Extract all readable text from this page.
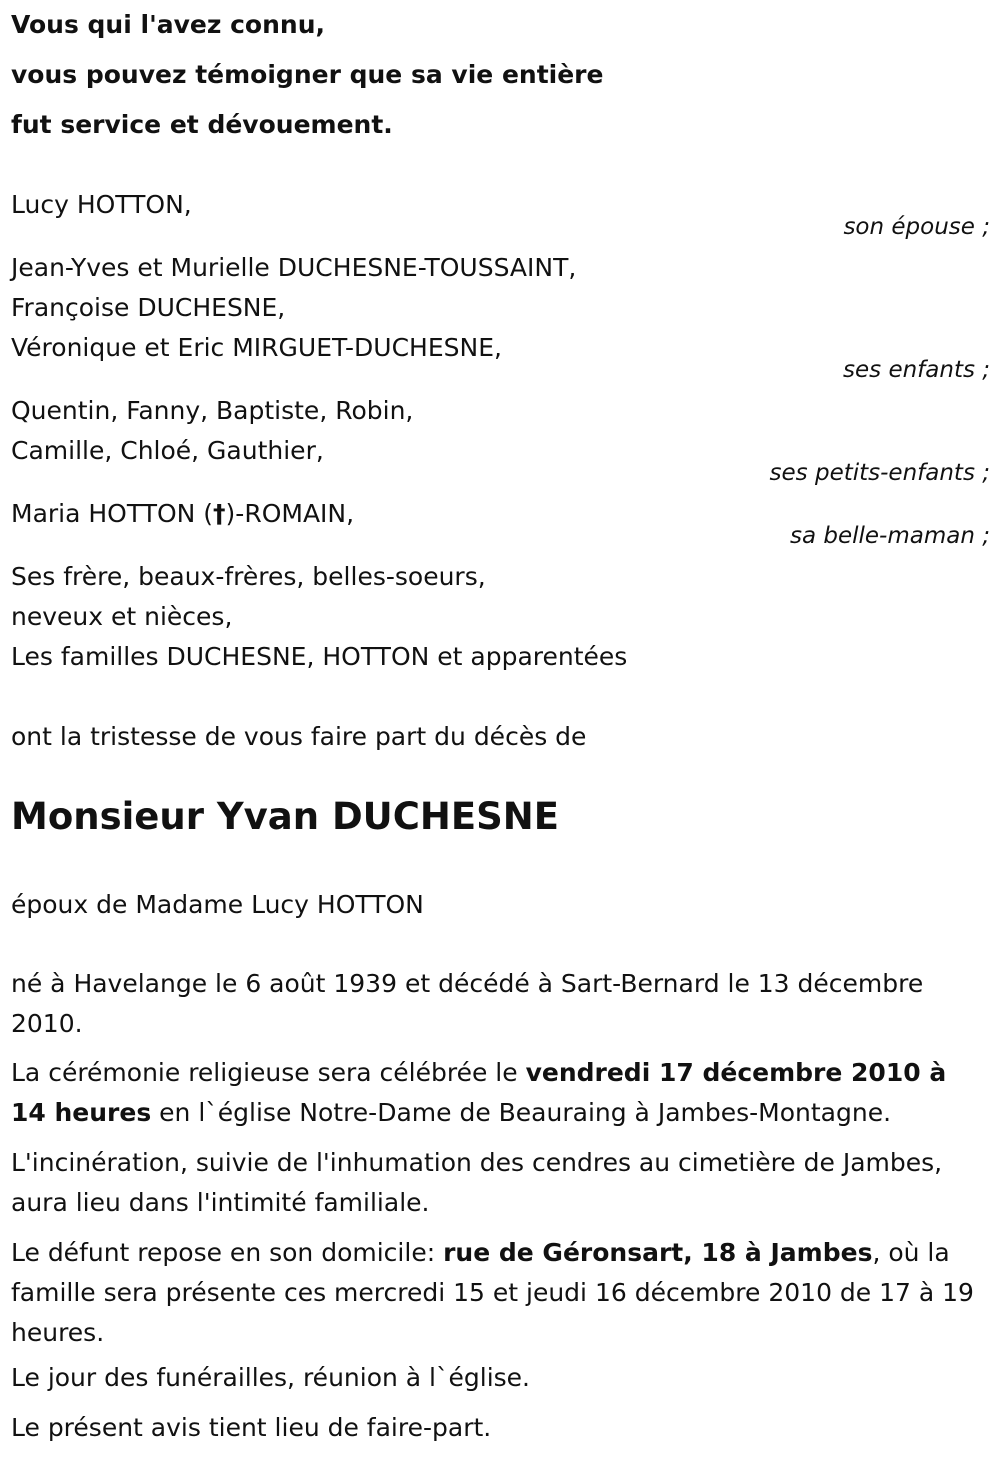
Vous qui l'avez connu,
vous pouvez témoigner que sa vie entière
fut service et dévouement.
Lucy HOTTON,
son épouse ;
Jean-Yves et Murielle DUCHESNE-TOUSSAINT,
Françoise DUCHESNE,
Véronique et Eric MIRGUET-DUCHESNE,
ses enfants ;
Quentin, Fanny, Baptiste, Robin,
Camille, Chloé, Gauthier,
ses petits-enfants ;
Maria HOTTON (†)-ROMAIN,
sa belle-maman ;
Ses frère, beaux-frères, belles-soeurs,
neveux et nièces,
Les familles DUCHESNE, HOTTON et apparentées
ont la tristesse de vous faire part du décès de
Monsieur Yvan DUCHESNE
époux de Madame Lucy HOTTON
né à Havelange le 6 août 1939 et décédé à Sart-Bernard le 13 décembre 2010.
La cérémonie religieuse sera célébrée le vendredi 17 décembre 2010 à 14 heures en l`église Notre-Dame de Beauraing à Jambes-Montagne.
L'incinération, suivie de l'inhumation des cendres au cimetière de Jambes, aura lieu dans l'intimité familiale.
Le défunt repose en son domicile: rue de Géronsart, 18 à Jambes, où la famille sera présente ces mercredi 15 et jeudi 16 décembre 2010 de 17 à 19 heures.
Le jour des funérailles, réunion à l`église.
Le présent avis tient lieu de faire-part.
